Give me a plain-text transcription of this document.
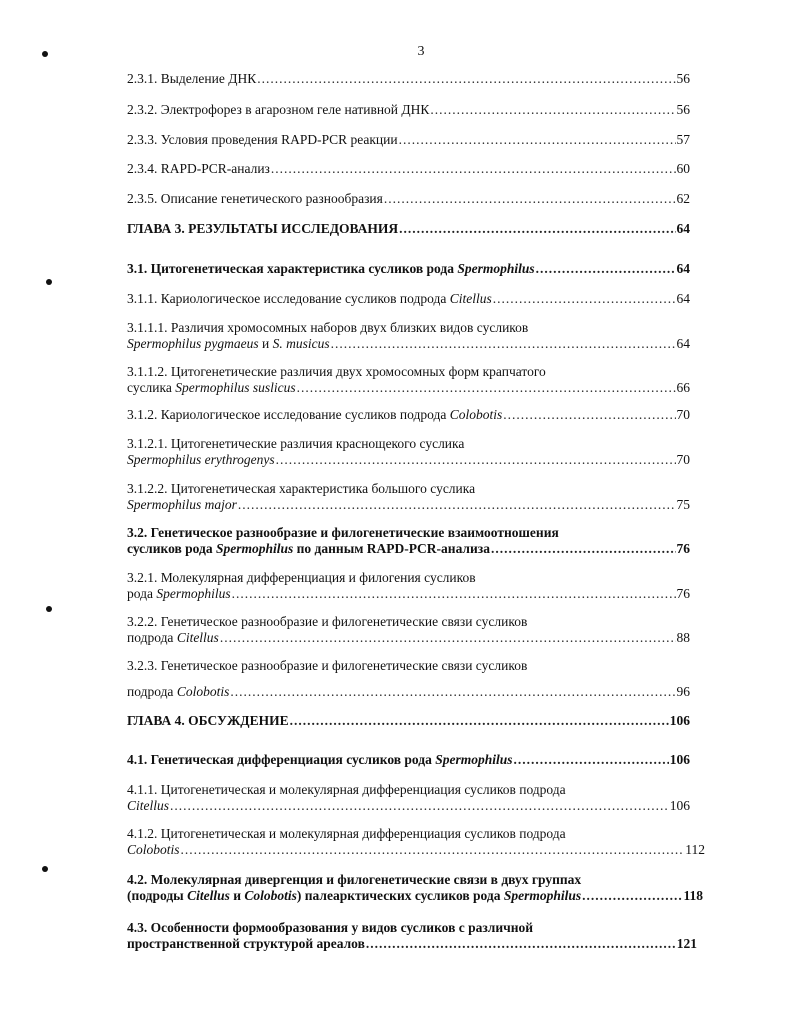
3
2.3.1. Выделение ДНК .....	56
2.3.2. Электрофорез в агарозном геле нативной ДНК .....	56
2.3.3. Условия проведения RAPD-PCR реакции .....	57
2.3.4. RAPD-PCR-анализ .....	60
2.3.5. Описание генетического разнообразия .....	62
ГЛАВА 3. РЕЗУЛЬТАТЫ ИССЛЕДОВАНИЯ .....	64
3.1. Цитогенетическая характеристика сусликов рода Spermophilus .....	64
3.1.1. Кариологическое исследование сусликов подрода Citellus .....	64
3.1.1.1. Различия хромосомных наборов двух близких видов сусликов
Spermophilus pygmaeus и S. musicus .....	64
3.1.1.2. Цитогенетические различия двух хромосомных форм крапчатого
суслика Spermophilus suslicus .....	66
3.1.2. Кариологическое исследование сусликов подрода Colobotis .....	70
3.1.2.1. Цитогенетические различия краснощекого суслика
Spermophilus erythrogenys .....	70
3.1.2.2. Цитогенетическая характеристика большого суслика
Spermophilus major .....	75
3.2. Генетическое разнообразие и филогенетические взаимоотношения
сусликов рода Spermophilus по данным RAPD-PCR-анализа .....	76
3.2.1. Молекулярная дифференциация и филогения сусликов
рода Spermophilus .....	76
3.2.2. Генетическое разнообразие и филогенетические связи сусликов
подрода Citellus .....	88
3.2.3. Генетическое разнообразие и филогенетические связи сусликов
подрода Colobotis .....	96
ГЛАВА 4. ОБСУЖДЕНИЕ .....	106
4.1. Генетическая дифференциация сусликов рода Spermophilus .....	106
4.1.1. Цитогенетическая и молекулярная дифференциация сусликов подрода
Citellus .....	106
4.1.2. Цитогенетическая и молекулярная дифференциация сусликов подрода
Colobotis .....	112
4.2. Молекулярная дивергенция и филогенетические связи в двух группах
(подроды Citellus и Colobotis) палеарктических сусликов рода Spermophilus .....	118
4.3. Особенности формообразования у видов сусликов с различной
пространственной структурой ареалов .....	121
